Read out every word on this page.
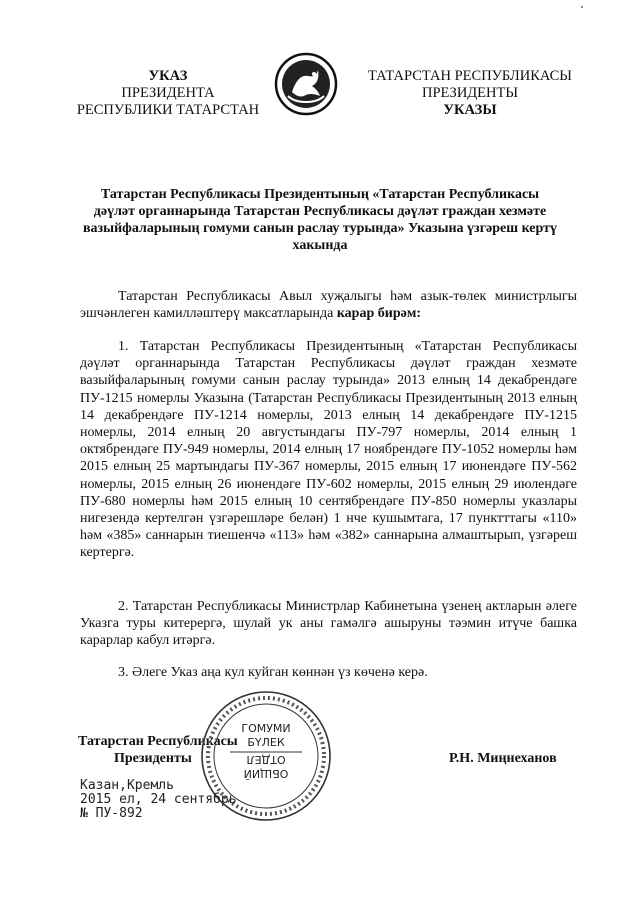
УКАЗ
ПРЕЗИДЕНТА
РЕСПУБЛИКИ ТАТАРСТАН
ТАТАРСТАН РЕСПУБЛИКАСЫ
ПРЕЗИДЕНТЫ
УКАЗЫ
Татарстан Республикасы Президентының «Татарстан Республикасы дәүләт органнарында Татарстан Республикасы дәүләт граждан хезмәте вазыйфаларының гомуми санын раслау турында» Указына үзгәреш кертү хакында
Татарстан Республикасы Авыл хуҗалыгы һәм азык-төлек министрлыгы эшчәнлеген камилләштерү максатларында карар бирәм:
1. Татарстан Республикасы Президентының «Татарстан Республикасы дәүләт органнарында Татарстан Республикасы дәүләт граждан хезмәте вазыйфаларының гомуми санын раслау турында» 2013 елның 14 декабрендәге ПУ-1215 номерлы Указына (Татарстан Республикасы Президентының 2013 елның 14 декабрендәге ПУ-1214 номерлы, 2013 елның 14 декабрендәге ПУ-1215 номерлы, 2014 елның 20 августындагы ПУ-797 номерлы, 2014 елның 1 октябрендәге ПУ-949 номерлы, 2014 елның 17 ноябрендәге ПУ-1052 номерлы һәм 2015 елның 25 мартындагы ПУ-367 номерлы, 2015 елның 17 июнендәге ПУ-562 номерлы, 2015 елның 26 июнендәге ПУ-602 номерлы, 2015 елның 29 июлендәге ПУ-680 номерлы һәм 2015 елның 10 сентябрендәге ПУ-850 номерлы указлары нигезендә кертелгән үзгәрешләре белән) 1 нче кушымтага, 17 пунктттагы «110» һәм «385» саннарын тиешенчә «113» һәм «382» саннарына алмаштырып, үзгәреш кертергә.
2. Татарстан Республикасы Министрлар Кабинетына үзенең актларын әлеге Указга туры китерергә, шулай ук аны гамәлгә ашыруны тәэмин итүче башка карарлар кабул итәргә.
3. Әлеге Указ аңа кул куйган көннән үз көченә керә.
Татарстан Республикасы
Президенты	Р.Н. Миңнеханов
ГОМУМИ
БҮЛЕК
ОТДЕЛ
ОБЩИЙ
Казан,Кремль
2015 ел, 24 сентябрь
№ ПУ-892
